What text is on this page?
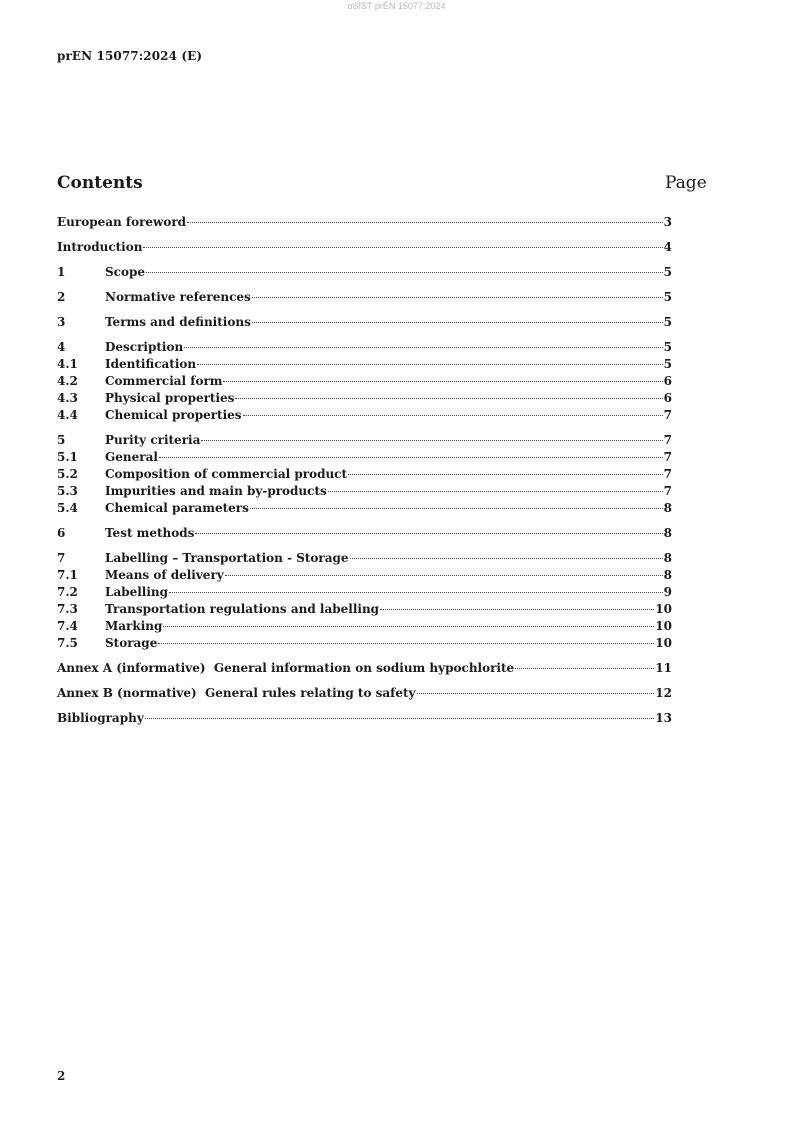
oSIST prEN 15077:2024
prEN 15077:2024 (E)
Contents	Page
European foreword	3
Introduction	4
1	Scope	5
2	Normative references	5
3	Terms and definitions	5
4	Description	5
4.1	Identification	5
4.2	Commercial form	6
4.3	Physical properties	6
4.4	Chemical properties	7
5	Purity criteria	7
5.1	General	7
5.2	Composition of commercial product	7
5.3	Impurities and main by-products	7
5.4	Chemical parameters	8
6	Test methods	8
7	Labelling – Transportation - Storage	8
7.1	Means of delivery	8
7.2	Labelling	9
7.3	Transportation regulations and labelling	10
7.4	Marking	10
7.5	Storage	10
Annex A (informative)  General information on sodium hypochlorite	11
Annex B (normative)  General rules relating to safety	12
Bibliography	13
2
